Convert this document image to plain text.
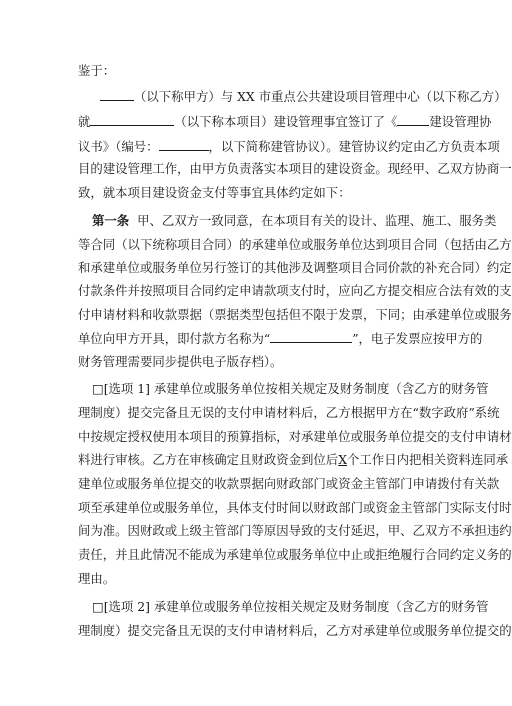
鉴于：
（以下称甲方）与 XX 市重点公共建设项目管理中心（以下称乙方）
就	（以下称本项目）建设管理事宜签订了《	建设管理协
议书》（编号：	，以下简称建管协议）。建管协议约定由乙方负责本项
目的建设管理工作，由甲方负责落实本项目的建设资金。现经甲、乙双方协商一
致，就本项目建设资金支付等事宜具体约定如下：
第一条 甲、乙双方一致同意，在本项目有关的设计、监理、施工、服务类
等合同（以下统称项目合同）的承建单位或服务单位达到项目合同（包括由乙方
和承建单位或服务单位另行签订的其他涉及调整项目合同价款的补充合同）约定
付款条件并按照项目合同约定申请款项支付时，应向乙方提交相应合法有效的支
付申请材料和收款票据（票据类型包括但不限于发票，下同；由承建单位或服务
单位向甲方开具，即付款方名称为“	”，电子发票应按甲方的
财务管理需要同步提供电子版存档）。
□[选项 1] 承建单位或服务单位按相关规定及财务制度（含乙方的财务管
理制度）提交完备且无误的支付申请材料后，乙方根据甲方在“数字政府”系统
中按规定授权使用本项目的预算指标，对承建单位或服务单位提交的支付申请材
料进行审核。乙方在审核确定且财政资金到位后X个工作日内把相关资料连同承
建单位或服务单位提交的收款票据向财政部门或资金主管部门申请拨付有关款
项至承建单位或服务单位，具体支付时间以财政部门或资金主管部门实际支付时
间为准。因财政或上级主管部门等原因导致的支付延迟，甲、乙双方不承担违约
责任，并且此情况不能成为承建单位或服务单位中止或拒绝履行合同约定义务的
理由。
□[选项 2] 承建单位或服务单位按相关规定及财务制度（含乙方的财务管
理制度）提交完备且无误的支付申请材料后，乙方对承建单位或服务单位提交的
